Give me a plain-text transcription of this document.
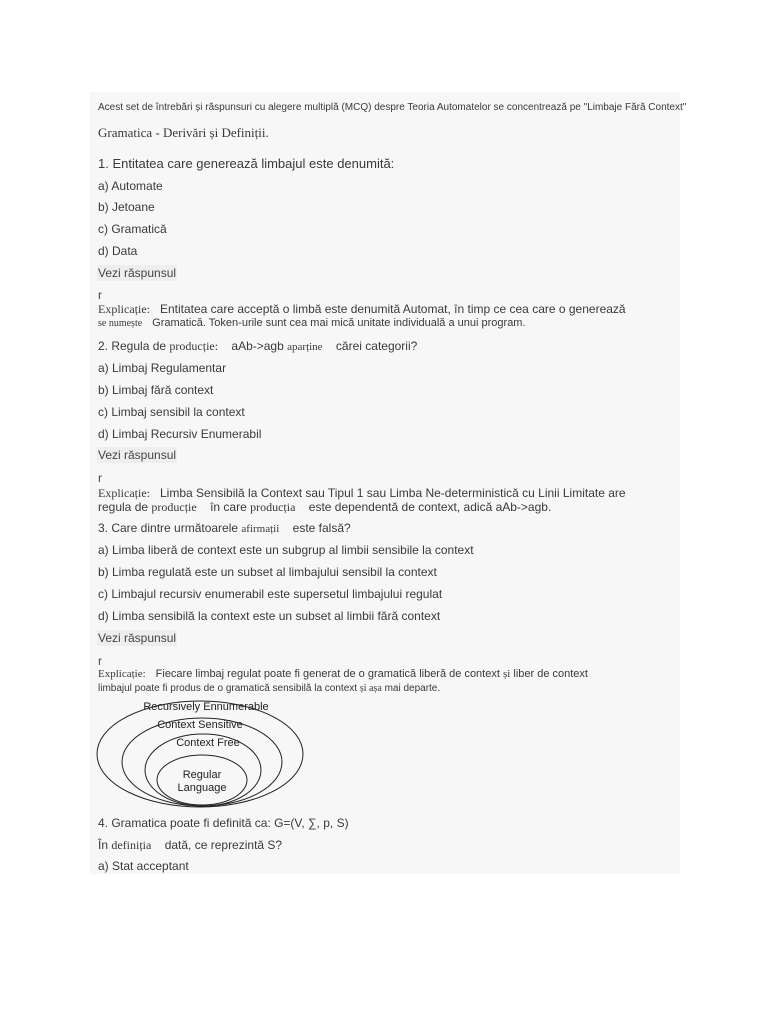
Acest set de întrebări și răspunsuri cu alegere multiplă (MCQ) despre Teoria Automatelor se concentrează pe "Limbaje Fără Context"
Gramatica - Derivări și Definiții.
1. Entitatea care generează limbajul este denumită:
a) Automate
b) Jetoane
c) Gramatică
d) Data
Vezi răspunsul
r
Explicație: Entitatea care acceptă o limbă este denumită Automat, în timp ce cea care o generează
se numește Gramatică. Token-urile sunt cea mai mică unitate individuală a unui program.
2. Regula de producție: aAb->agb aparține cărei categorii?
a) Limbaj Regulamentar
b) Limbaj fără context
c) Limbaj sensibil la context
d) Limbaj Recursiv Enumerabil
Vezi răspunsul
r
Explicație: Limba Sensibilă la Context sau Tipul 1 sau Limba Ne-deterministică cu Linii Limitate are
regula de producție în care producția este dependentă de context, adică aAb->agb.
3. Care dintre următoarele afirmații este falsă?
a) Limba liberă de context este un subgrup al limbii sensibile la context
b) Limba regulată este un subset al limbajului sensibil la context
c) Limbajul recursiv enumerabil este supersetul limbajului regulat
d) Limba sensibilă la context este un subset al limbii fără context
Vezi răspunsul
r
Explicație: Fiecare limbaj regulat poate fi generat de o gramatică liberă de context și liber de context
limbajul poate fi produs de o gramatică sensibilă la context și așa mai departe.
Recursively Ennumerable
Context Sensitive
Context Free
Regular
Language
4. Gramatica poate fi definită ca: G=(V, ∑, p, S)
În definiția dată, ce reprezintă S?
a) Stat acceptant
